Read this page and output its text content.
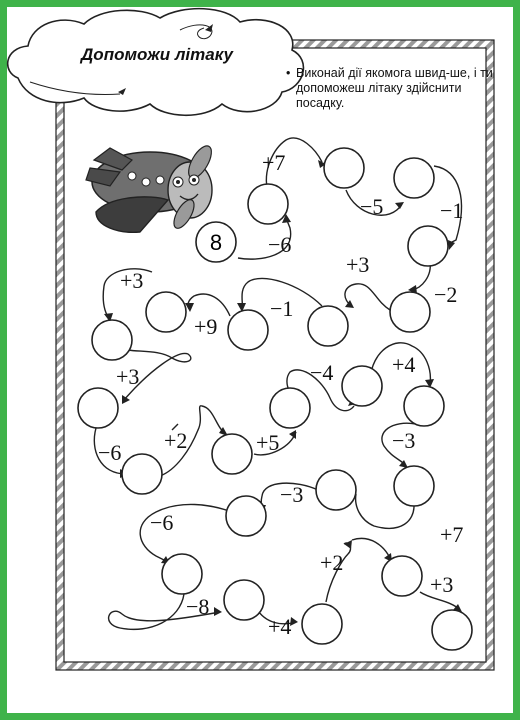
8 −6
+7
−5	−1
−2
+3
−1
+9
+3
+3
−6 +2	+5
−4	+4
−3
+7
−3
−6
−8
+4
+2
+3
Допоможи літаку
• Виконай дії якомога швид-ше, і ти допоможеш літаку здійснити посадку.
